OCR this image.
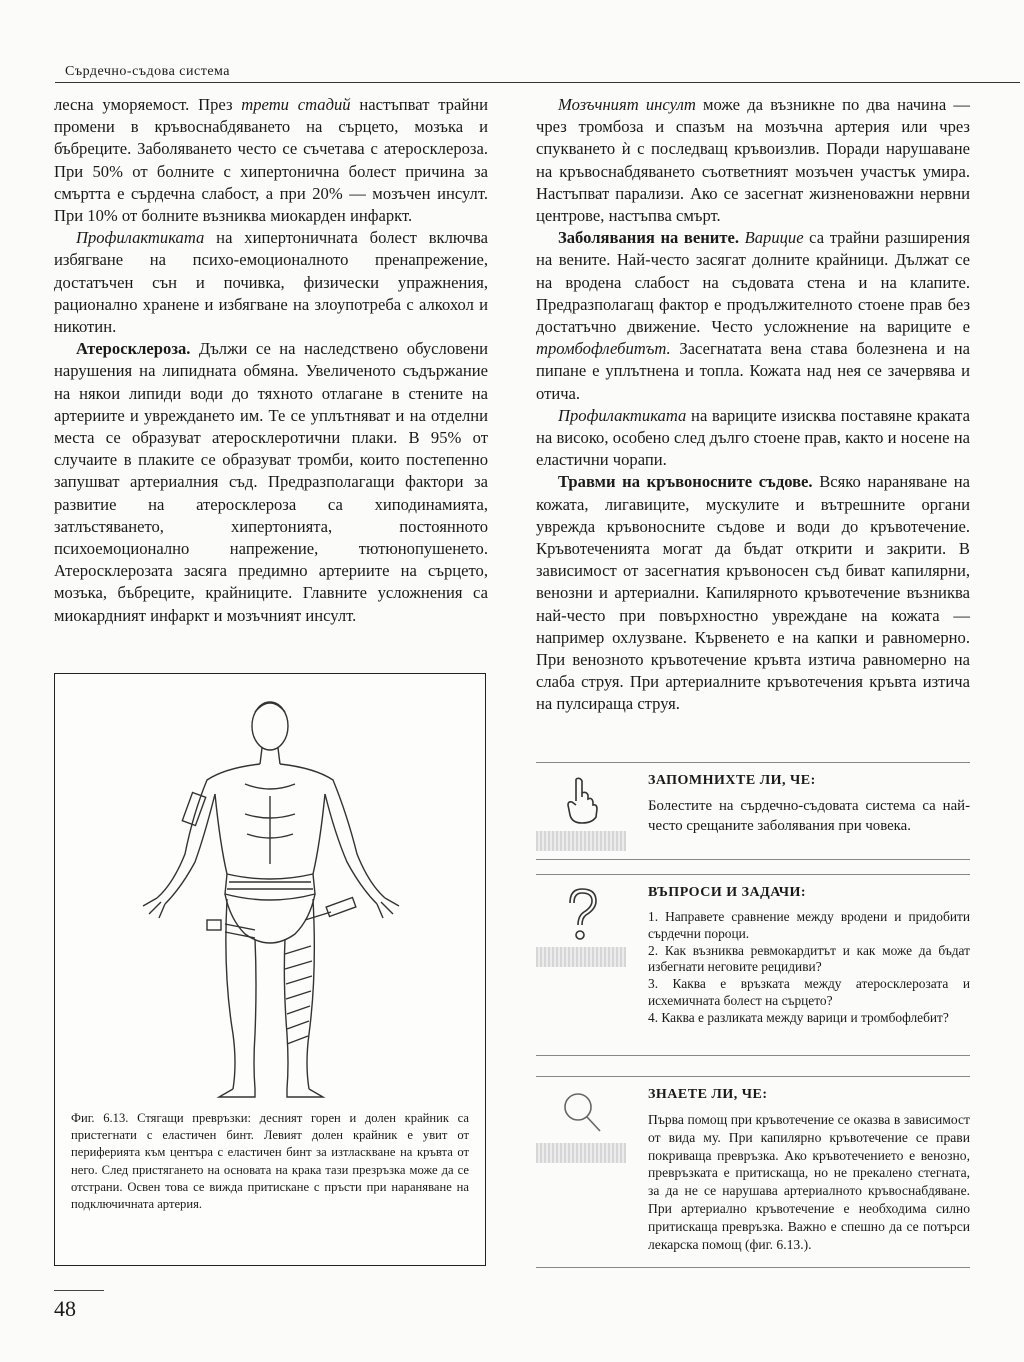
Сърдечно-съдова система

лесна уморяемост. През трети стадий настъпват трайни промени в кръвоснабдяването на сърцето, мозъка и бъбреците. Заболяването често се съчетава с атеросклероза. При 50% от болните с хипертонична болест причина за смъртта е сърдечна слабост, а при 20% — мозъчен инсулт. При 10% от болните възниква миокарден инфаркт.

Профилактиката на хипертоничната болест включва избягване на психо-емоционалното пренапрежение, достатъчен сън и почивка, физически упражнения, рационално хранене и избягване на злоупотреба с алкохол и никотин.

Атеросклероза. Дължи се на наследствено обусловени нарушения на липидната обмяна. Увеличеното съдържание на някои липиди води до тяхното отлагане в стените на артериите и увреждането им. Те се уплътняват и на отделни места се образуват атеросклеротични плаки. В 95% от случаите в плаките се образуват тромби, които постепенно запушват артериалния съд. Предразполагащи фактори за развитие на атеросклероза са хиподинамията, затлъстяването, хипертонията, постоянното психоемоционално напрежение, тютюнопушенето. Атеросклерозата засяга предимно артериите на сърцето, мозъка, бъбреците, крайниците. Главните усложнения са миокардният инфаркт и мозъчният инсулт.

Фиг. 6.13. Стягащи превръзки: десният горен и долен крайник са пристегнати с еластичен бинт. Левият долен крайник е увит от периферията към центъра с еластичен бинт за изтласкване на кръвта от него. След пристягането на основата на крака тази презръзка може да се отстрани. Освен това се вижда притискане с пръсти при нараняване на подключичната артерия.

Мозъчният инсулт може да възникне по два начина — чрез тромбоза и спазъм на мозъчна артерия или чрез спукването ѝ с последващ кръвоизлив. Поради нарушаване на кръвоснабдяването съответният мозъчен участък умира. Настъпват парализи. Ако се засегнат жизненоважни нервни центрове, настъпва смърт.

Заболявания на вените. Варицие са трайни разширения на вените. Най-често засягат долните крайници. Дължат се на вродена слабост на съдовата стена и на клапите. Предразполагащ фактор е продължителното стоене прав без достатъчно движение. Често усложнение на вариците е тромбофлебитът. Засегнатата вена става болезнена и на пипане е уплътнена и топла. Кожата над нея се зачервява и отича.

Профилактиката на вариците изисква поставяне краката на високо, особено след дълго стоене прав, както и носене на еластични чорапи.

Травми на кръвоносните съдове. Всяко нараняване на кожата, лигавиците, мускулите и вътрешните органи уврежда кръвоносните съдове и води до кръвотечение. Кръвотеченията могат да бъдат открити и закрити. В зависимост от засегнатия кръвоносен съд биват капилярни, венозни и артериални. Капилярното кръвотечение възниква най-често при повърхностно увреждане на кожата — например охлузване. Кървенето е на капки и равномерно. При венозното кръвотечение кръвта изтича равномерно на слаба струя. При артериалните кръвотечения кръвта изтича на пулсираща струя.

ЗАПОМНИХТЕ ЛИ, ЧЕ:
Болестите на сърдечно-съдовата система са най-често срещаните заболявания при човека.
ВЪПРОСИ И ЗАДАЧИ:
1. Направете сравнение между вродени и придобити сърдечни пороци.
2. Как възниква ревмокардитът и как може да бъдат избегнати неговите рецидиви?
3. Каква е връзката между атеросклерозата и исхемичната болест на сърцето?
4. Каква е разликата между варици и тромбофлебит?
ЗНАЕТЕ ЛИ, ЧЕ:
Първа помощ при кръвотечение се оказва в зависимост от вида му. При капилярно кръвотечение се прави покриваща превръзка. Ако кръвотечението е венозно, превръзката е притискаща, но не прекалено стегната, за да не се нарушава артериалното кръвоснабдяване. При артериално кръвотечение е необходима силно притискаща превръзка. Важно е спешно да се потърси лекарска помощ (фиг. 6.13.).
48
